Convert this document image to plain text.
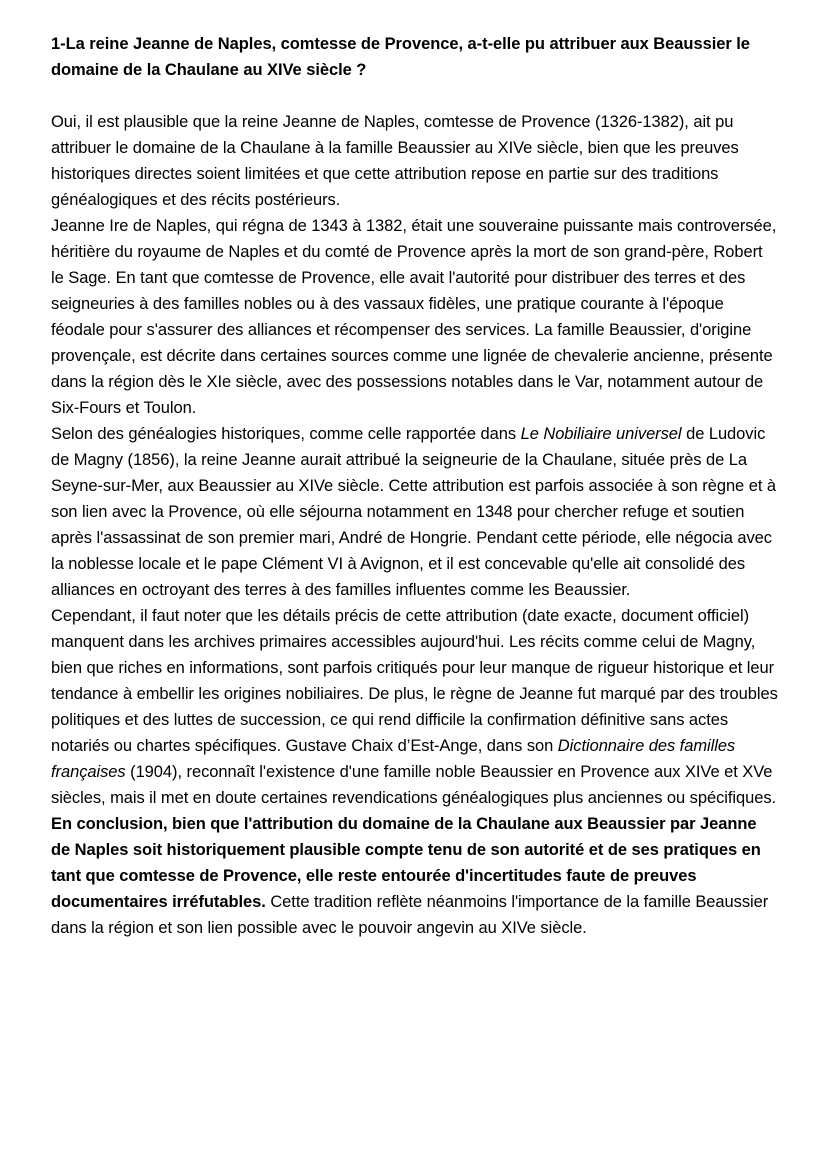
1-La reine Jeanne de Naples, comtesse de Provence, a-t-elle pu attribuer aux Beaussier le domaine de la Chaulane au XIVe siècle ?

Oui, il est plausible que la reine Jeanne de Naples, comtesse de Provence (1326-1382), ait pu attribuer le domaine de la Chaulane à la famille Beaussier au XIVe siècle, bien que les preuves historiques directes soient limitées et que cette attribution repose en partie sur des traditions généalogiques et des récits postérieurs.

Jeanne Ire de Naples, qui régna de 1343 à 1382, était une souveraine puissante mais controversée, héritière du royaume de Naples et du comté de Provence après la mort de son grand-père, Robert le Sage. En tant que comtesse de Provence, elle avait l'autorité pour distribuer des terres et des seigneuries à des familles nobles ou à des vassaux fidèles, une pratique courante à l'époque féodale pour s'assurer des alliances et récompenser des services. La famille Beaussier, d'origine provençale, est décrite dans certaines sources comme une lignée de chevalerie ancienne, présente dans la région dès le XIe siècle, avec des possessions notables dans le Var, notamment autour de Six-Fours et Toulon.

Selon des généalogies historiques, comme celle rapportée dans Le Nobiliaire universel de Ludovic de Magny (1856), la reine Jeanne aurait attribué la seigneurie de la Chaulane, située près de La Seyne-sur-Mer, aux Beaussier au XIVe siècle. Cette attribution est parfois associée à son règne et à son lien avec la Provence, où elle séjourna notamment en 1348 pour chercher refuge et soutien après l'assassinat de son premier mari, André de Hongrie. Pendant cette période, elle négocia avec la noblesse locale et le pape Clément VI à Avignon, et il est concevable qu'elle ait consolidé des alliances en octroyant des terres à des familles influentes comme les Beaussier.

Cependant, il faut noter que les détails précis de cette attribution (date exacte, document officiel) manquent dans les archives primaires accessibles aujourd'hui. Les récits comme celui de Magny, bien que riches en informations, sont parfois critiqués pour leur manque de rigueur historique et leur tendance à embellir les origines nobiliaires. De plus, le règne de Jeanne fut marqué par des troubles politiques et des luttes de succession, ce qui rend difficile la confirmation définitive sans actes notariés ou chartes spécifiques. Gustave Chaix d’Est-Ange, dans son Dictionnaire des familles françaises (1904), reconnaît l'existence d'une famille noble Beaussier en Provence aux XIVe et XVe siècles, mais il met en doute certaines revendications généalogiques plus anciennes ou spécifiques.

En conclusion, bien que l'attribution du domaine de la Chaulane aux Beaussier par Jeanne de Naples soit historiquement plausible compte tenu de son autorité et de ses pratiques en tant que comtesse de Provence, elle reste entourée d'incertitudes faute de preuves documentaires irréfutables. Cette tradition reflète néanmoins l'importance de la famille Beaussier dans la région et son lien possible avec le pouvoir angevin au XIVe siècle.
